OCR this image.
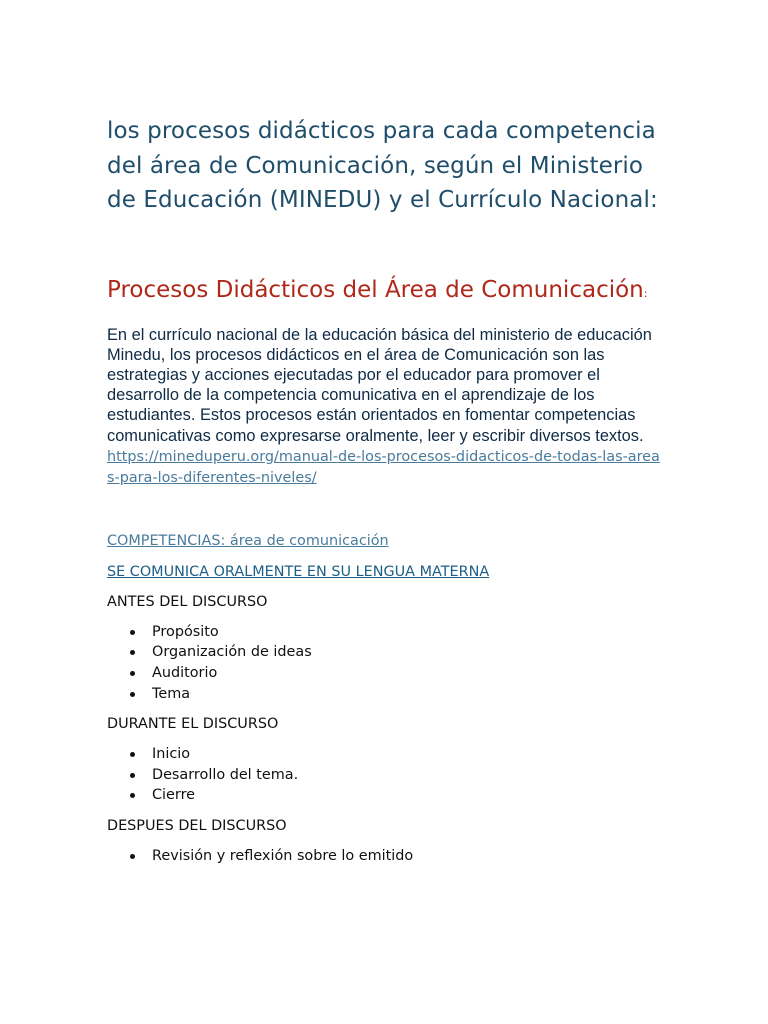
los procesos didácticos para cada competencia del área de Comunicación, según el Ministerio de Educación (MINEDU) y el Currículo Nacional:
Procesos Didácticos del Área de Comunicación:

En el currículo nacional de la educación básica del ministerio de educación Minedu, los procesos didácticos en el área de Comunicación son las estrategias y acciones ejecutadas por el educador para promover el desarrollo de la competencia comunicativa en el aprendizaje de los estudiantes. Estos procesos están orientados en fomentar competencias comunicativas como expresarse oralmente, leer y escribir diversos textos.

https://mineduperu.org/manual-de-los-procesos-didacticos-de-todas-las-areas-para-los-diferentes-niveles/
COMPETENCIAS: área de comunicación
SE COMUNICA ORALMENTE EN SU LENGUA MATERNA

ANTES DEL DISCURSO

Propósito
Organización de ideas
Auditorio
Tema

DURANTE EL DISCURSO

Inicio
Desarrollo del tema.
Cierre

DESPUES DEL DISCURSO

Revisión y reflexión sobre lo emitido
